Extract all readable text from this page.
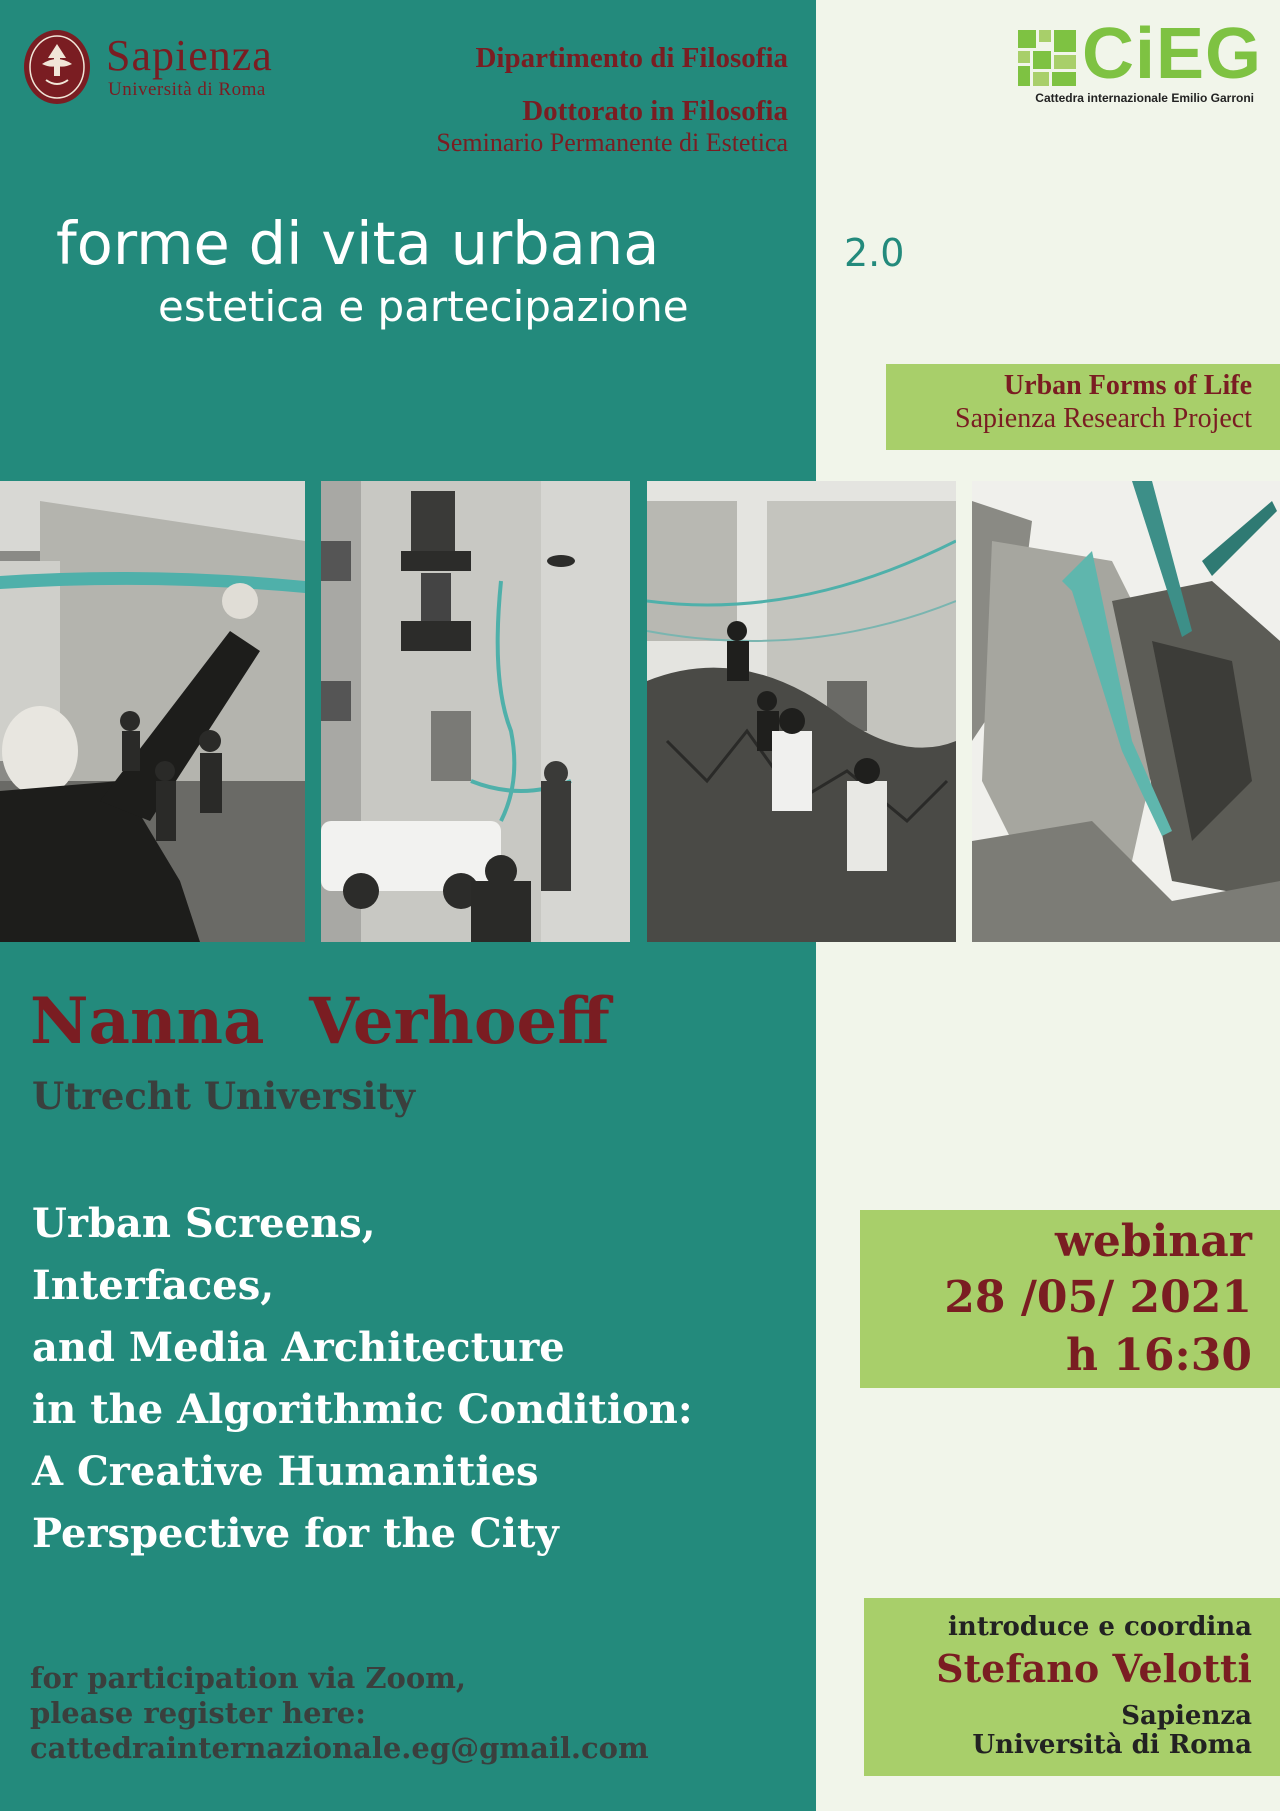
Sapienza
Università di Roma
Dipartimento di Filosofia
Dottorato in Filosofia
Seminario Permanente di Estetica
CiEG
Cattedra internazionale Emilio Garroni
forme di vita urbana	2.0
estetica e partecipazione
Urban Forms of Life
Sapienza Research Project
Nanna  Verhoeff
Utrecht University
Urban Screens,
Interfaces,
and Media Architecture
in the Algorithmic Condition:
A Creative Humanities
Perspective for the City
webinar
28 /05/ 2021
h 16:30
introduce e coordina
Stefano Velotti
Sapienza
Università di Roma
for participation via Zoom,
please register here:
cattedrainternazionale.eg@gmail.com
